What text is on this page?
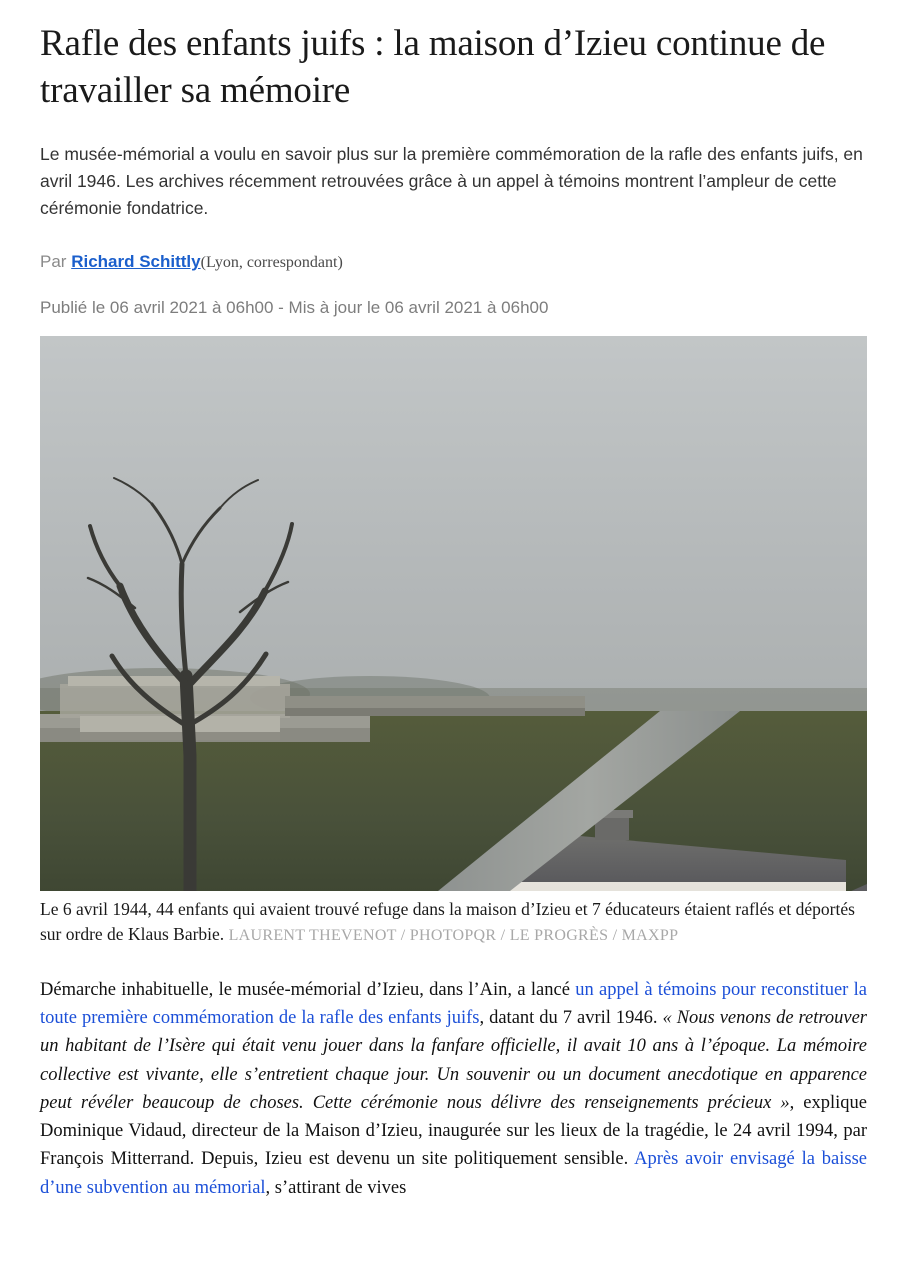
Rafle des enfants juifs : la maison d’Izieu continue de travailler sa mémoire

Le musée-mémorial a voulu en savoir plus sur la première commémoration de la rafle des enfants juifs, en avril 1946. Les archives récemment retrouvées grâce à un appel à témoins montrent l’ampleur de cette cérémonie fondatrice.

Par Richard Schittly(Lyon, correspondant)

Publié le 06 avril 2021 à 06h00 - Mis à jour le 06 avril 2021 à 06h00

Le 6 avril 1944, 44 enfants qui avaient trouvé refuge dans la maison d’Izieu et 7 éducateurs étaient raflés et déportés sur ordre de Klaus Barbie. LAURENT THEVENOT / PHOTOPQR / LE PROGRÈS / MAXPP

Démarche inhabituelle, le musée-mémorial d’Izieu, dans l’Ain, a lancé un appel à témoins pour reconstituer la toute première commémoration de la rafle des enfants juifs, datant du 7 avril 1946. « Nous venons de retrouver un habitant de l’Isère qui était venu jouer dans la fanfare officielle, il avait 10 ans à l’époque. La mémoire collective est vivante, elle s’entretient chaque jour. Un souvenir ou un document anecdotique en apparence peut révéler beaucoup de choses. Cette cérémonie nous délivre des renseignements précieux », explique Dominique Vidaud, directeur de la Maison d’Izieu, inaugurée sur les lieux de la tragédie, le 24 avril 1994, par François Mitterrand. Depuis, Izieu est devenu un site politiquement sensible. Après avoir envisagé la baisse d’une subvention au mémorial, s’attirant de vives
